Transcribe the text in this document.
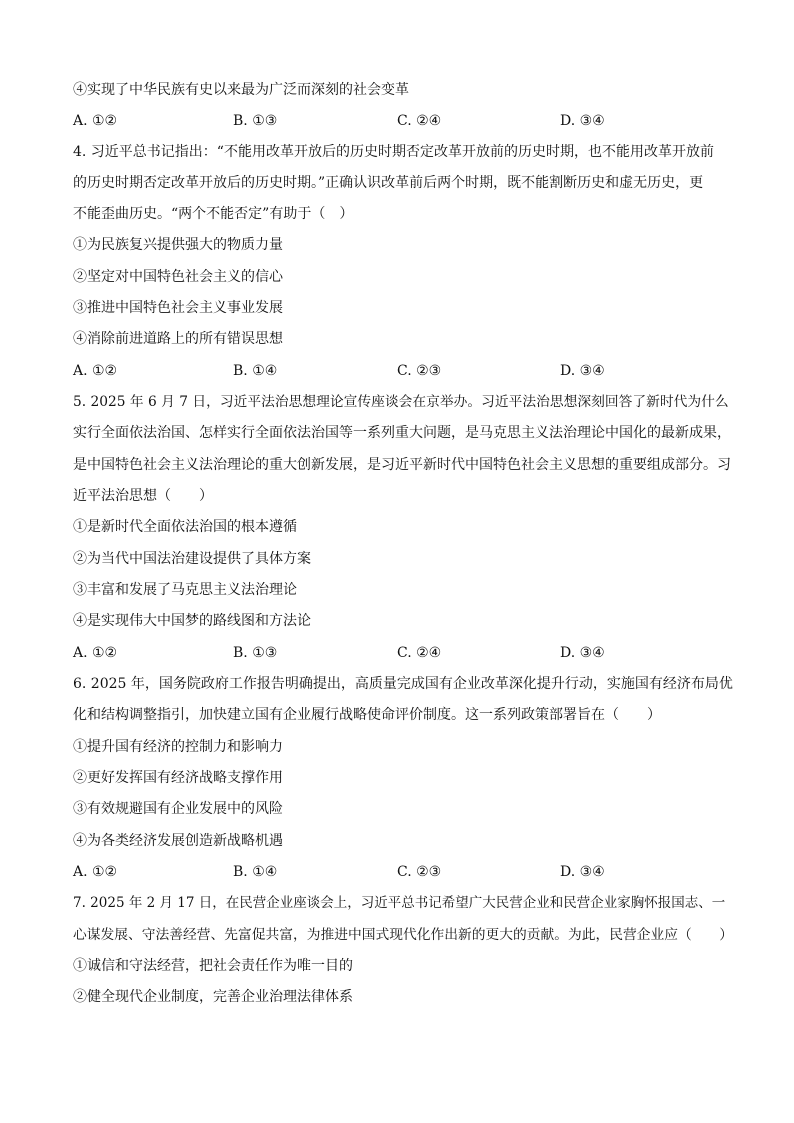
④实现了中华民族有史以来最为广泛而深刻的社会变革
A. ①②	B. ①③	C. ②④	D. ③④
4. 习近平总书记指出：“不能用改革开放后的历史时期否定改革开放前的历史时期，也不能用改革开放前
的历史时期否定改革开放后的历史时期。”正确认识改革前后两个时期，既不能割断历史和虚无历史，更
不能歪曲历史。“两个不能否定”有助于（　）
①为民族复兴提供强大的物质力量
②坚定对中国特色社会主义的信心
③推进中国特色社会主义事业发展
④消除前进道路上的所有错误思想
A. ①②	B. ①④	C. ②③	D. ③④
5. 2025 年 6 月 7 日，习近平法治思想理论宣传座谈会在京举办。习近平法治思想深刻回答了新时代为什么
实行全面依法治国、怎样实行全面依法治国等一系列重大问题，是马克思主义法治理论中国化的最新成果，
是中国特色社会主义法治理论的重大创新发展，是习近平新时代中国特色社会主义思想的重要组成部分。习
近平法治思想（　　）
①是新时代全面依法治国的根本遵循
②为当代中国法治建设提供了具体方案
③丰富和发展了马克思主义法治理论
④是实现伟大中国梦的路线图和方法论
A. ①②	B. ①③	C. ②④	D. ③④
6. 2025 年，国务院政府工作报告明确提出，高质量完成国有企业改革深化提升行动，实施国有经济布局优
化和结构调整指引，加快建立国有企业履行战略使命评价制度。这一系列政策部署旨在（　　）
①提升国有经济的控制力和影响力
②更好发挥国有经济战略支撑作用
③有效规避国有企业发展中的风险
④为各类经济发展创造新战略机遇
A. ①②	B. ①④	C. ②③	D. ③④
7. 2025 年 2 月 17 日，在民营企业座谈会上，习近平总书记希望广大民营企业和民营企业家胸怀报国志、一
心谋发展、守法善经营、先富促共富，为推进中国式现代化作出新的更大的贡献。为此，民营企业应（　　）
①诚信和守法经营，把社会责任作为唯一目的
②健全现代企业制度，完善企业治理法律体系
